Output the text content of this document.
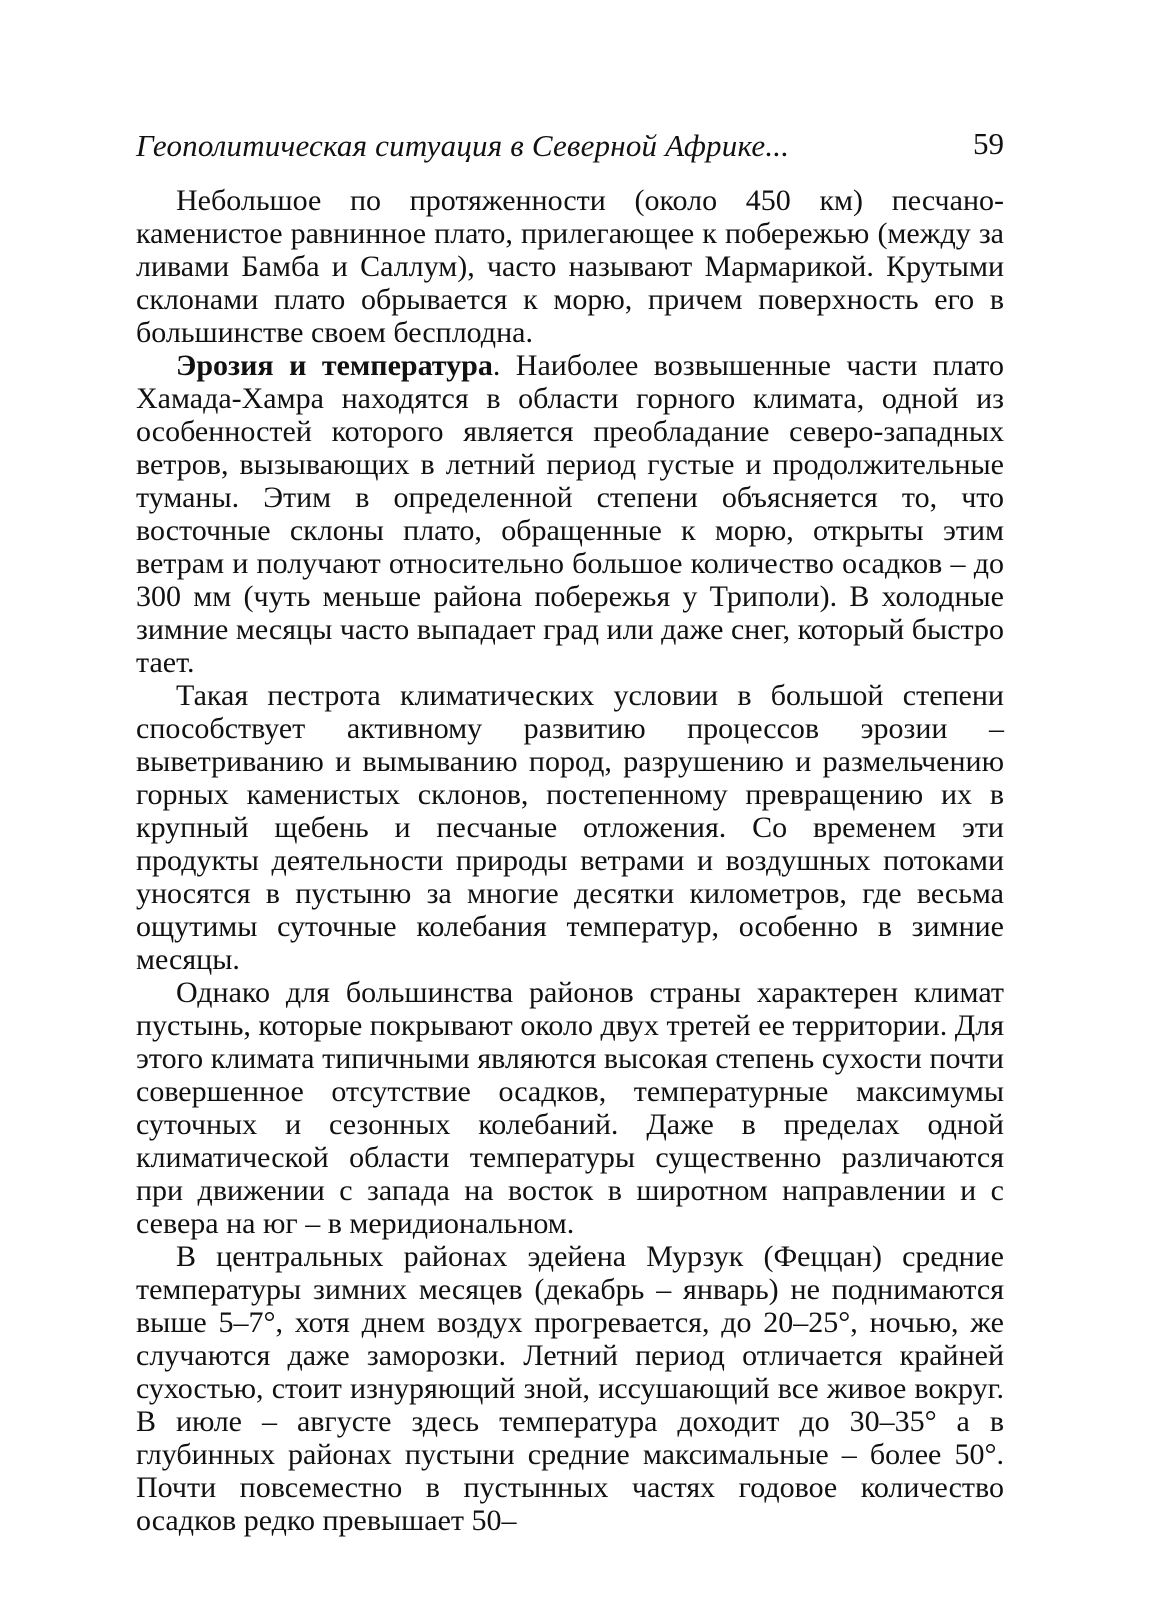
Геополитическая ситуация в Северной Африке...	59

Небольшое по протяженности (около 450 км) песчано-каменистое равнинное плато, прилегающее к побережью (между за ливами Бамба и Саллум), часто называют Мармарикой. Крутыми склонами плато обрывается к морю, причем поверхность его в большинстве своем бесплодна.

Эрозия и температура. Наиболее возвышенные части плато Хамада-Хамра находятся в области горного климата, одной из особенностей которого является преобладание северо-западных ветров, вызывающих в летний период густые и продолжительные туманы. Этим в определенной степени объясняется то, что восточные склоны плато, обращенные к морю, открыты этим ветрам и получают относительно большое количество осадков – до 300 мм (чуть меньше района побережья у Триполи). В холодные зимние месяцы часто выпадает град или даже снег, который быстро тает.

Такая пестрота климатических условии в большой степени способствует активному развитию процессов эрозии – выветриванию и вымыванию пород, разрушению и размельчению горных каменистых склонов, постепенному превращению их в крупный щебень и песчаные отложения. Со временем эти продукты деятельности природы ветрами и воздушных потоками уносятся в пустыню за многие десятки километров, где весьма ощутимы суточные колебания температур, особенно в зимние месяцы.

Однако для большинства районов страны характерен климат пустынь, которые покрывают около двух третей ее территории. Для этого климата типичными являются высокая степень сухости почти совершенное отсутствие осадков, температурные максимумы суточных и сезонных колебаний. Даже в пределах одной климатической области температуры существенно различаются при движении с запада на восток в широтном направлении и с севера на юг – в меридиональном.

В центральных районах эдейена Мурзук (Феццан) средние температуры зимних месяцев (декабрь – январь) не поднимаются выше 5–7°, хотя днем воздух прогревается, до 20–25°, ночью, же случаются даже заморозки. Летний период отличается крайней сухостью, стоит изнуряющий зной, иссушающий все живое вокруг. В июле – августе здесь температура доходит до 30–35° а в глубинных районах пустыни средние максимальные – более 50°. Почти повсеместно в пустынных частях годовое количество осадков редко превышает 50–
